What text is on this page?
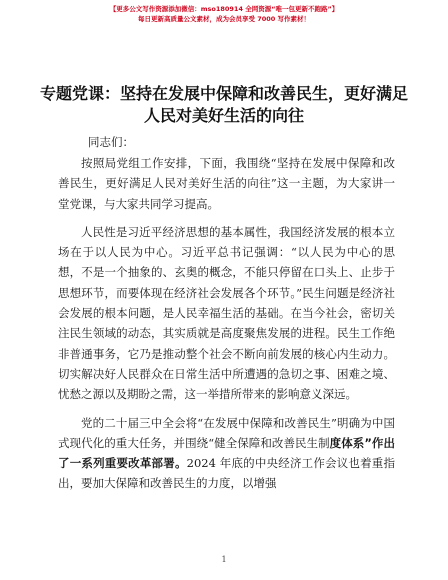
【更多公文写作资源添加微信：mso180914 全网资源“唯一包更新不跑路”】
每日更新高质量公文素材，成为会员享受 7000 写作素材！
专题党课：坚持在发展中保障和改善民生，更好满足人民对美好生活的向往
同志们：

按照局党组工作安排，下面，我围绕“坚持在发展中保障和改善民生，更好满足人民对美好生活的向往”这一主题，为大家讲一堂党课，与大家共同学习提高。

人民性是习近平经济思想的基本属性，我国经济发展的根本立场在于以人民为中心。习近平总书记强调：“以人民为中心的思想，不是一个抽象的、玄奥的概念，不能只停留在口头上、止步于思想环节，而要体现在经济社会发展各个环节。”民生问题是经济社会发展的根本问题，是人民幸福生活的基础。在当今社会，密切关注民生领域的动态，其实质就是高度聚焦发展的进程。民生工作绝非普通事务，它乃是推动整个社会不断向前发展的核心内生动力。切实解决好人民群众在日常生活中所遭遇的急切之事、困难之境、忧愁之源以及期盼之需，这一举措所带来的影响意义深远。

党的二十届三中全会将“在发展中保障和改善民生”明确为中国式现代化的重大任务，并围绕“健全保障和改善民生制度体系”作出了一系列重要改革部署。2024 年底的中央经济工作会议也着重指出，要加大保障和改善民生的力度，以增强

1
